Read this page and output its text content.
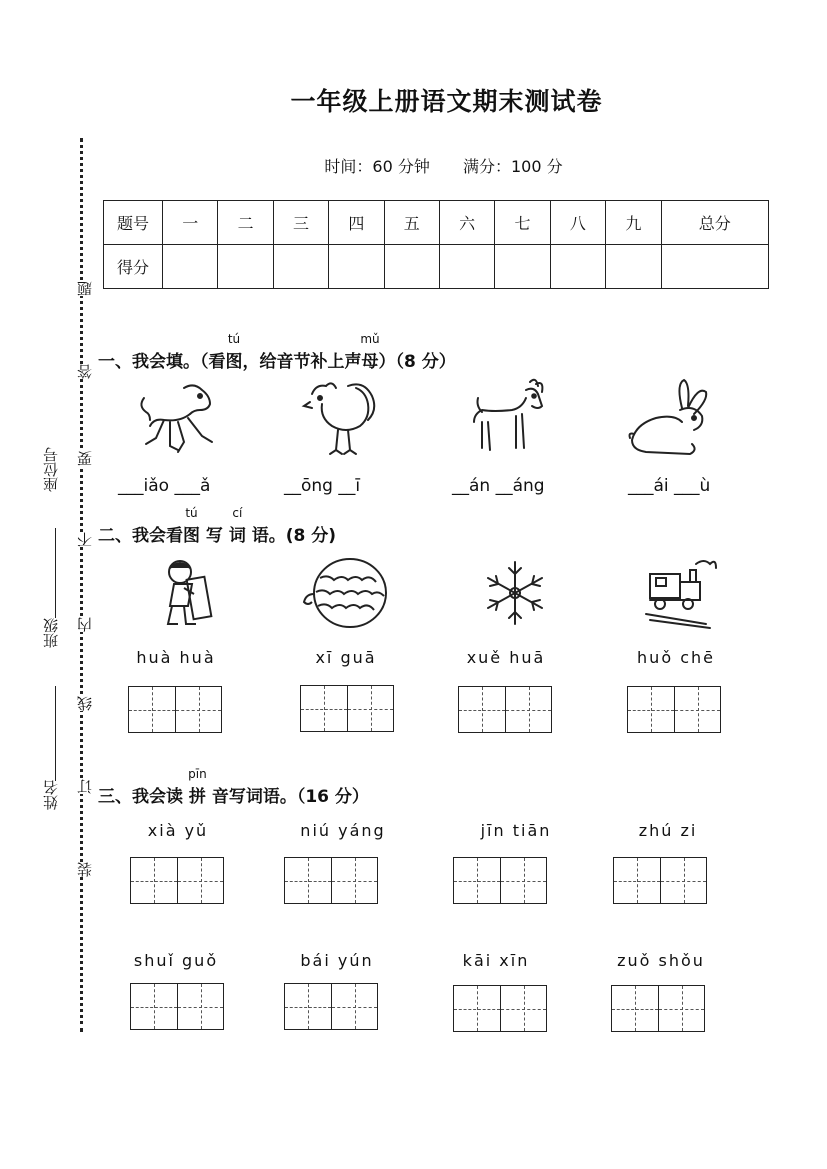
一年级上册语文期末测试卷
时间：60 分钟 满分：100 分
题号	一	二	三	四	五	六	七	八	九	总分
得分										
题
答
要
不
内
线
订
装
座位号
班级
姓名
一、我会填。（看
tú
图，给音节补上声
mǔ
母）（8 分）
___iǎo ___ǎ	__ōng __ī	__án __áng	___ái ___ù
二、我会看
tú
图 写
cí
词 语。(8 分)
huà huà	xī guā	xuě huā	huǒ chē
三、我会读
pīn
拼 音写词语。（16 分）
xià yǔ	niú yáng	jīn tiān	zhú zi
shuǐ guǒ	bái yún	kāi xīn	zuǒ shǒu
